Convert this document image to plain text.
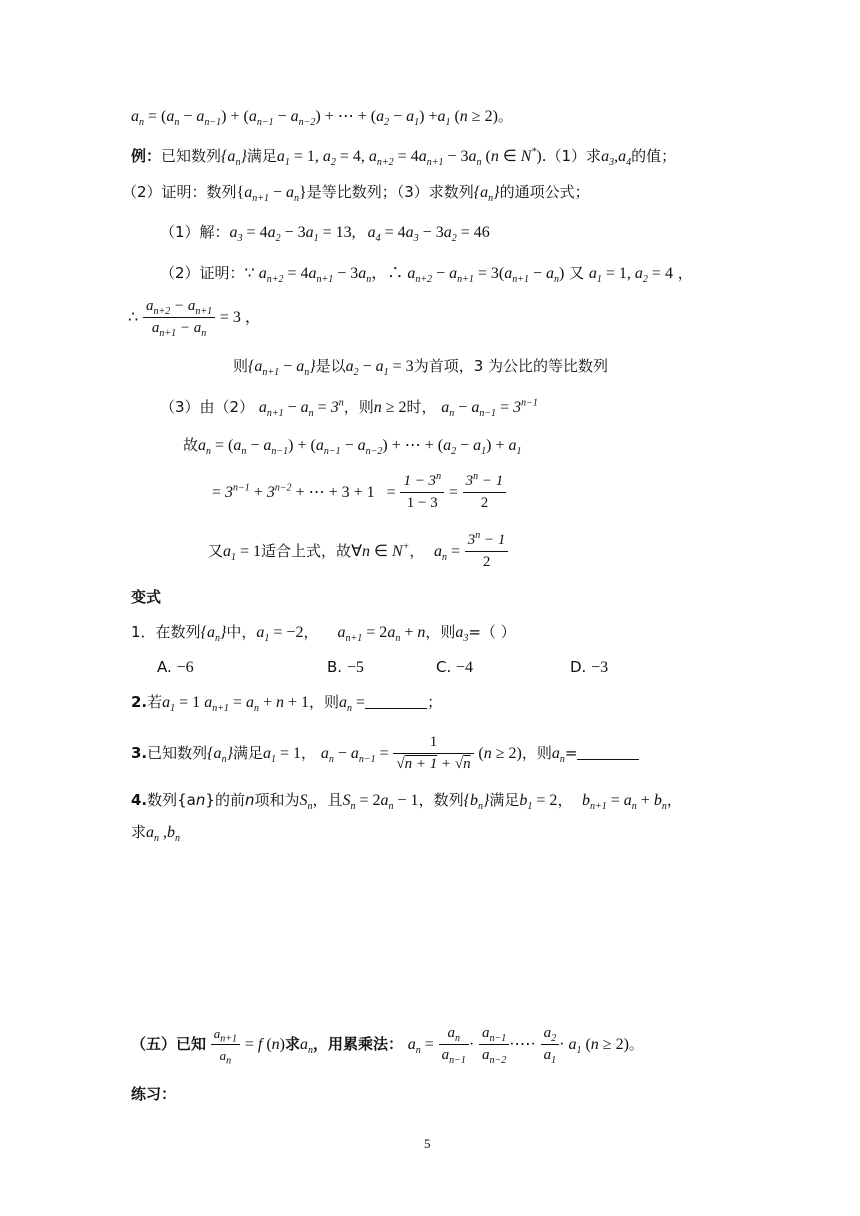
$a_n = (a_n - a_{n-1}) + (a_{n-1} - a_{n-2})$ + ⋯ + $(a_2 - a_1) +a_1$ (n ≥ 2)。
例：已知数列$\{a_n\}$满足$a_1 = 1$, $a_2 = 4$, $a_{n+2} = 4a_{n+1} - 3a_n$ (n ∈ N*).（1）求$a_3,a_4$的值；
（2）证明：数列$\{a_{n+1} - a_n\}$是等比数列；（3）求数列$\{a_n\}$的通项公式；
（1）解：$a_3 = 4a_2 - 3a_1 = 13$,   $a_4 = 4a_3 - 3a_2 = 46$
（2）证明：∵ $a_{n+2} = 4a_{n+1} - 3a_n$，∴ $a_{n+2} - a_{n+1} = 3(a_{n+1} - a_n)$ 又 $a_1 = 1$, $a_2 = 4$ ，
∴ $\frac{a_{n+2} - a_{n+1}}{a_{n+1} - a_n} = 3$ ，
则$\{a_{n+1} - a_n\}$是以$a_2 - a_1 = 3$为首项，3 为公比的等比数列
（3）由（2） $a_{n+1} - a_n = 3^n$，则n ≥ 2时， $a_n - a_{n-1} = 3^{n-1}$
故$a_n = (a_n - a_{n-1}) + (a_{n-1} - a_{n-2})$ + ⋯ + $(a_2 - a_1) + a_1$
= $3^{n-1} + 3^{n-2}$ + ⋯ + $3 + 1 = \frac{1 - 3^n}{1 - 3} = \frac{3^n - 1}{2}$
又$a_1 = 1$适合上式，故∀n ∈ N+， $a_n = \frac{3^n - 1}{2}$
变式
1．在数列$\{a_n\}$中，$a_1 = -2$， $a_{n+1} = 2a_n + n$，则$a_3=$（ ）
A. −6	B. −5	C. −4	D. −3
2.若$a_1 = 1$ $a_{n+1} = a_n + n + 1$，则$a_n$ =	；
3.已知数列$\{a_n\}$满足$a_1 = 1$， $a_n - a_{n-1} = \frac{1}{√n + 1 + √n} (n \ge 2)$，则$a_n=$
4.数列{an}的前n项和为$S_n$，且$S_n = 2a_n - 1$，数列$\{b_n\}$满足$b_1 = 2$， $b_{n+1} = a_n + b_n$，
求$a_n$ $,b_n$
（五）已知 $\frac{a_{n+1}}{a_n} = f$ (n)求$a_n$，用累乘法： $a_n = \frac{a_n}{a_{n-1}} \cdot \frac{a_{n-1}}{a_{n-2}}$ ·⋯· $\frac{a_2}{a_1} \cdot a_1$ (n ≥ 2)。
练习：
5
